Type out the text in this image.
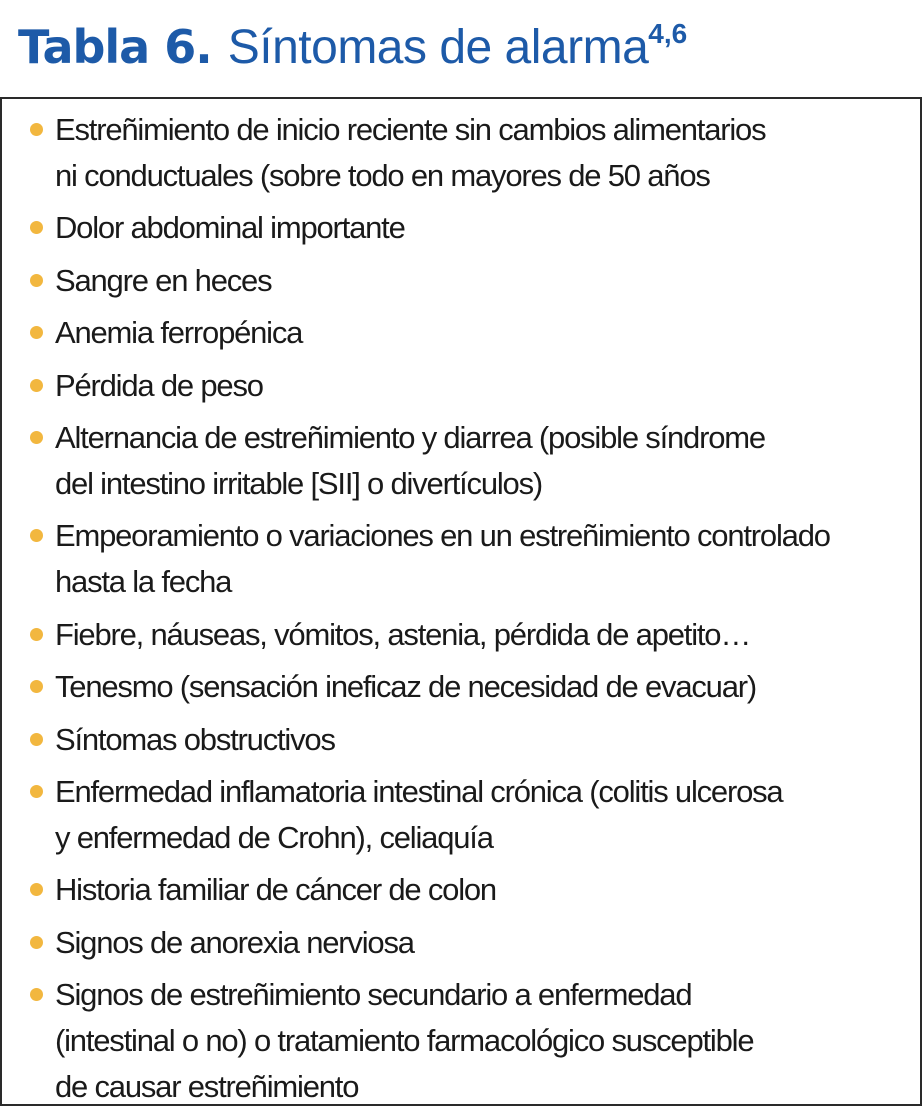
Tabla 6. Síntomas de alarma$^{4,6}$
Estreñimiento de inicio reciente sin cambios alimentarios
ni conductuales (sobre todo en mayores de 50 años
Dolor abdominal importante
Sangre en heces
Anemia ferropénica
Pérdida de peso
Alternancia de estreñimiento y diarrea (posible síndrome
del intestino irritable [SII] o divertículos)
Empeoramiento o variaciones en un estreñimiento controlado
hasta la fecha
Fiebre, náuseas, vómitos, astenia, pérdida de apetito…
Tenesmo (sensación ineficaz de necesidad de evacuar)
Síntomas obstructivos
Enfermedad inflamatoria intestinal crónica (colitis ulcerosa
y enfermedad de Crohn), celiaquía
Historia familiar de cáncer de colon
Signos de anorexia nerviosa
Signos de estreñimiento secundario a enfermedad
(intestinal o no) o tratamiento farmacológico susceptible
de causar estreñimiento
